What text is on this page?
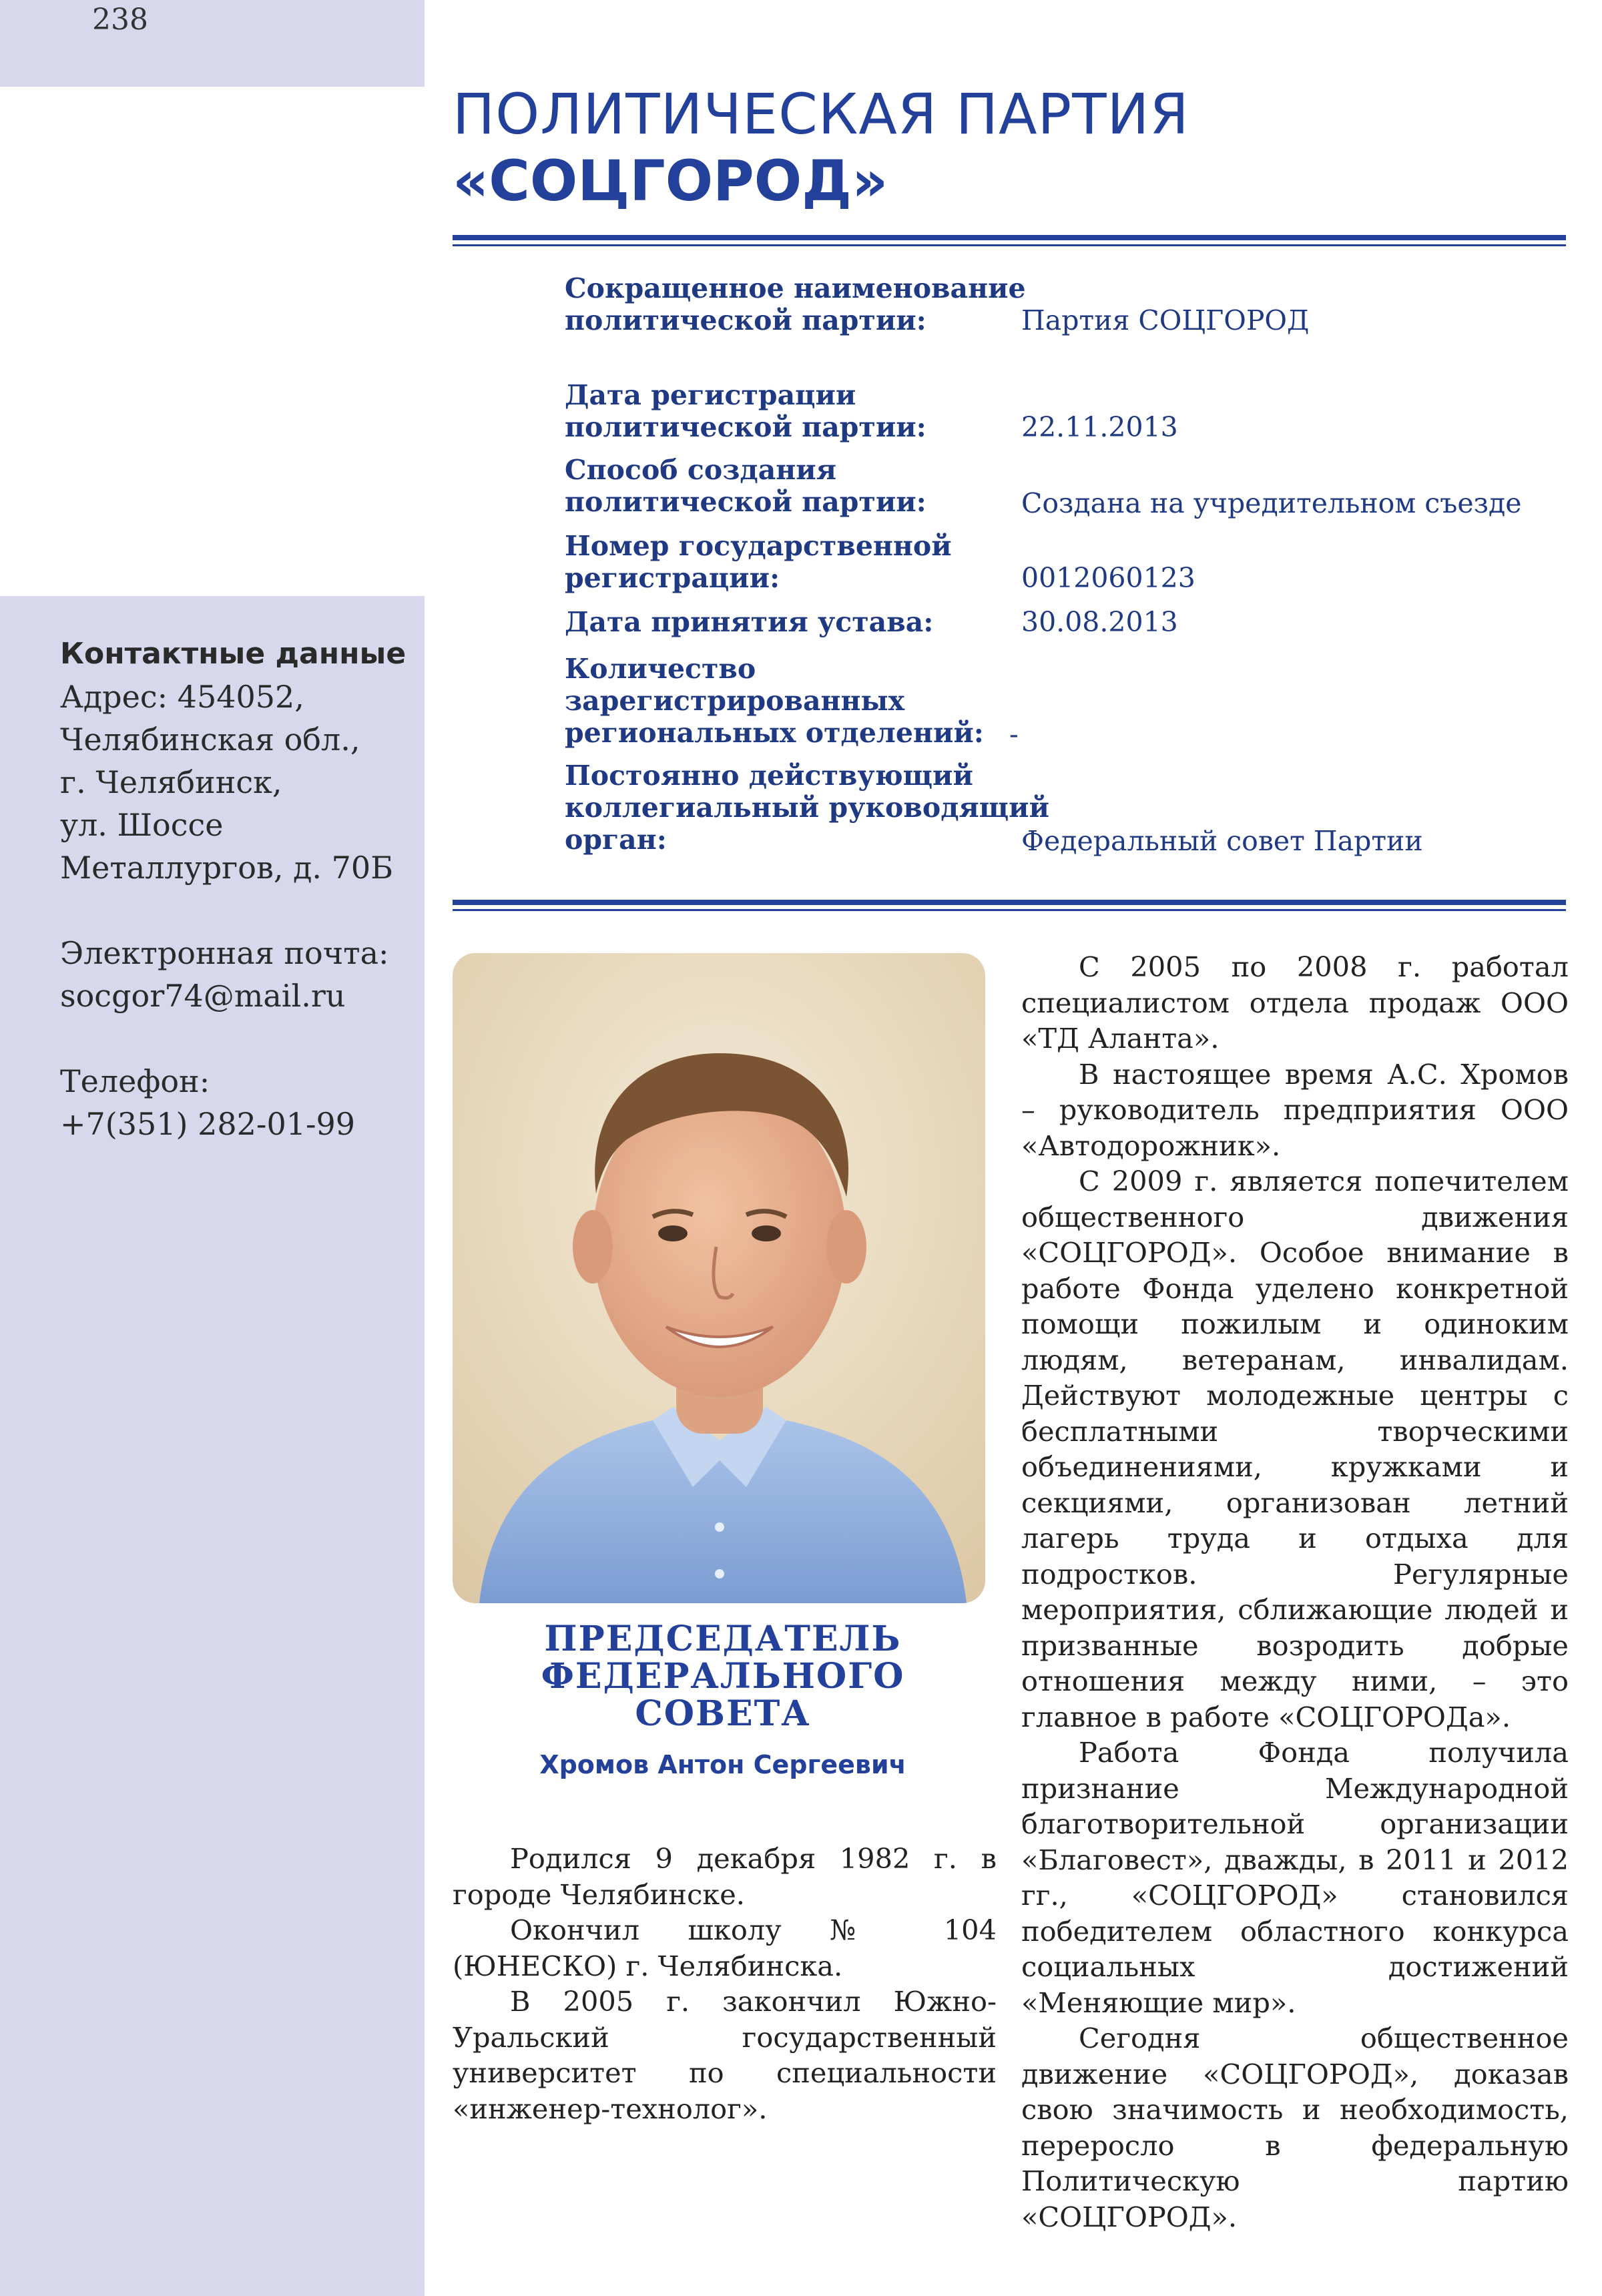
238
ПОЛИТИЧЕСКАЯ ПАРТИЯ
«СОЦГОРОД»
Сокращенное наименование
политической партии:	Партия СОЦГОРОД
Дата регистрации
политической партии:	22.11.2013
Способ создания
политической партии:	Создана на учредительном съезде
Номер государственной
регистрации:	0012060123
Дата принятия устава:	30.08.2013
Количество
зарегистрированных
региональных отделений: -
Постоянно действующий
коллегиальный руководящий
орган:	Федеральный совет Партии
Контактные данные
Адрес: 454052,
Челябинская обл.,
г. Челябинск,
ул. Шоссе
Металлургов, д. 70Б
Электронная почта:
socgor74@mail.ru
Телефон:
+7(351) 282-01-99
ПРЕДСЕДАТЕЛЬ
ФЕДЕРАЛЬНОГО
СОВЕТА
Хромов Антон Сергеевич

Родился 9 декабря 1982 г. в городе Челябинске.

Окончил школу № 104 (ЮНЕСКО) г. Челябинска.

В 2005 г. закончил Южно-Уральский государственный университет по специальности «инженер-технолог».

С 2005 по 2008 г. работал специалистом отдела продаж ООО «ТД Аланта».

В настоящее время А.С. Хромов – руководитель предприятия ООО «Автодорожник».

С 2009 г. является попечителем общественного движения «СОЦГОРОД». Особое внимание в работе Фонда уделено конкретной помощи пожилым и одиноким людям, ветеранам, инвалидам. Действуют молодежные центры с бесплатными творческими объединениями, кружками и секциями, организован летний лагерь труда и отдыха для подростков. Регулярные мероприятия, сближающие людей и призванные возродить добрые отношения между ними, – это главное в работе «СОЦГОРОДа».

Работа Фонда получила признание Международной благотворительной организации «Благовест», дважды, в 2011 и 2012 гг., «СОЦГОРОД» становился победителем областного конкурса социальных достижений «Меняющие мир».

Сегодня общественное движение «СОЦГОРОД», доказав свою значимость и необходимость, переросло в федеральную Политическую партию «СОЦГОРОД».
